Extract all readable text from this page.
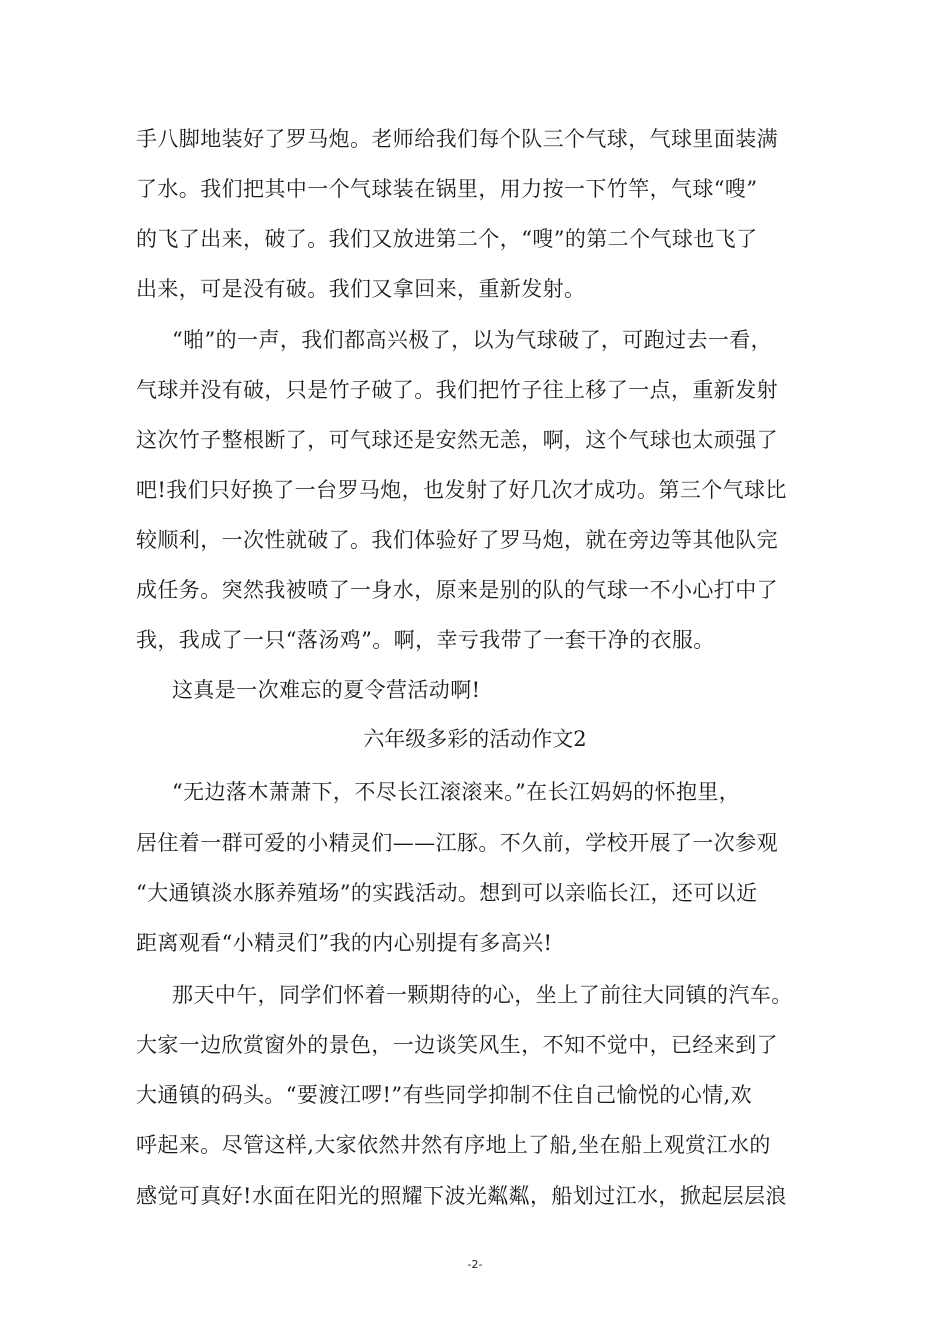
手八脚地装好了罗马炮。老师给我们每个队三个气球，气球里面装满
了水。我们把其中一个气球装在锅里，用力按一下竹竿，气球“嗖”
的飞了出来，破了。我们又放进第二个，“嗖”的第二个气球也飞了
出来，可是没有破。我们又拿回来，重新发射。
“啪”的一声，我们都高兴极了，以为气球破了，可跑过去一看，
气球并没有破，只是竹子破了。我们把竹子往上移了一点，重新发射
这次竹子整根断了，可气球还是安然无恙，啊，这个气球也太顽强了
吧!我们只好换了一台罗马炮，也发射了好几次才成功。第三个气球比
较顺利，一次性就破了。我们体验好了罗马炮，就在旁边等其他队完
成任务。突然我被喷了一身水，原来是别的队的气球一不小心打中了
我，我成了一只“落汤鸡”。啊，幸亏我带了一套干净的衣服。
这真是一次难忘的夏令营活动啊!
六年级多彩的活动作文2
“无边落木萧萧下，不尽长江滚滚来。”在长江妈妈的怀抱里，
居住着一群可爱的小精灵们——江豚。不久前，学校开展了一次参观
“大通镇淡水豚养殖场”的实践活动。想到可以亲临长江，还可以近
距离观看“小精灵们”我的内心别提有多高兴!
那天中午，同学们怀着一颗期待的心，坐上了前往大同镇的汽车。
大家一边欣赏窗外的景色，一边谈笑风生，不知不觉中，已经来到了
大通镇的码头。“要渡江啰!”有些同学抑制不住自己愉悦的心情,欢
呼起来。尽管这样,大家依然井然有序地上了船,坐在船上观赏江水的
感觉可真好!水面在阳光的照耀下波光粼粼，船划过江水，掀起层层浪
-2-
